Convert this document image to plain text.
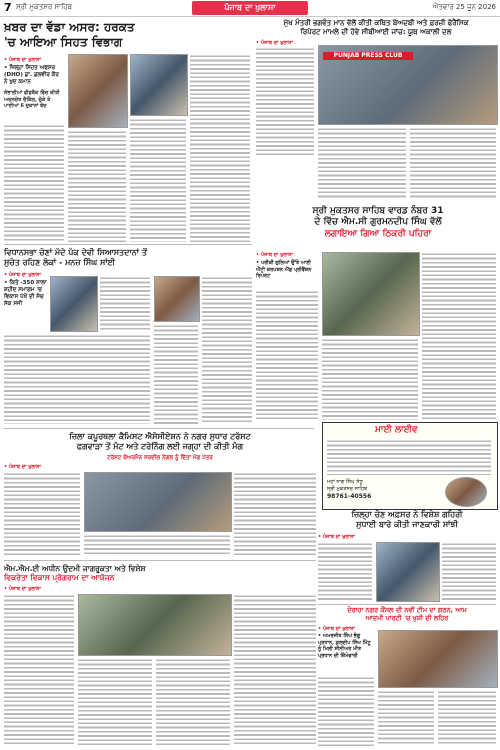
7 ਸ੍ਰੀ ਮੁਕਤਸਰ ਸਾਹਿਬ	ਪੰਜਾਬ ਦਾ ਖੁਲਾਸਾ	ਐਤਵਾਰ 25 ਜੂਨ 2026
ਖ਼ਬਰ ਦਾ ਵੱਡਾ ਅਸਰ: ਹਰਕਤ
'ਚ ਆਇਆ ਸਿਹਤ ਵਿਭਾਗ
• ਪੰਜਾਬ ਦਾ ਖੁਲਾਸਾ
• ਜ਼ਿਲ੍ਹਾ ਸਿਹਤ ਅਫਸਰ (DHO) ਡਾ. ਡਲਵੀਰ ਕੌਰ ਨੇ ਖੁਦ ਕਮਾਨ
ਸੰਭਾਲੀਆਂ ਫੀਡਬੈਕ ਵਿੱਚ ਕੀਤੀ ਅਚਨਚੇਤ ਚੈਕਿੰਗ, ਚੁੱਕੇ ਤੇ ਪਾਈਆਂ 6 ਦੁਕਾਨਾਂ ਬੰਦ
ਮੁੱਖ ਮੰਤਰੀ ਭਗਵੰਤ ਮਾਨ ਵੱਲੋਂ ਕੀਤੀ ਕਥਿਤ ਬੇਅਦਬੀ ਅਤੇ ਫ਼ਰਜ਼ੀ ਫੋਰੈਂਸਿਕ
ਰਿਪੋਰਟ ਮਾਮਲੇ ਦੀ ਹੋਵੇ ਸੀਬੀਆਈ ਜਾਂਚ: ਯੂਥ ਅਕਾਲੀ ਦਲ
• ਪੰਜਾਬ ਦਾ ਖੁਲਾਸਾ
PUNJAB PRESS CLUB
ਸ੍ਰੀ ਮੁਕਤਸਰ ਸਾਹਿਬ ਵਾਰਡ ਨੰਬਰ 31
ਦੇ ਵਿੱਚ ਐਮ.ਸੀ ਗੁਰਮਨਦੀਪ ਸਿੰਘ ਵੱਲੋਂ
ਲਗਾਇਆ ਗਿਆ ਠਿਕਰੀ ਪਹਿਰਾ
• ਪੰਜਾਬ ਦਾ ਖੁਲਾਸਾ
• ਪਰੀਕੀ ਗੁਲਿਆਂ ਉੱਤੇ ਆਈ ਐਂਟੀ ਕਰਪਸ਼ਨ ਐਂਡ ਪ੍ਰੀਵੈਂਸ਼ਨ ਰਿਪੋਰਟ
ਵਿਧਾਨਸਭਾ ਚੋਣਾਂ ਮੱਦੇ ਪੱਕ ਦੇਵੀ ਸਿਆਸਤਦਾਨਾਂ ਤੋਂ
ਸੁਚੇਤ ਰਹਿਣ ਲੋਕਾਂ - ਮਨਜ਼ ਸਿੰਘ ਸਾਂਈ
• ਪੰਜਾਬ ਦਾ ਖੁਲਾਸਾ
• ਕਿਤੇ -350 ਸਾਲਾ ਸ਼ਹੀਦ ਸਮਾਗਮ 'ਚ ਵਿਕਾਸ ਪੱਖੋਂ ਦੀ ਸੋਚ ਸੱਕ ਸਜੀ
ਮਾਈ ਲਾਈਵ
ਮਹਾਂ ਨਾਗ ਸਿੰਘ ਸੰਧੂ
ਸ੍ਰੀ ਮੁਕਤਸਰ ਸਾਹਿਬ
98761-40556
ਜ਼ਿਲਾ ਕਪੂਰਥਲਾ ਕੈਮਿਸਟ ਐਸੋਸੀਏਸ਼ਨ ਨੇ ਨਗਰ ਸੁਧਾਰ ਟਰੱਸਟ
ਫਗਵਾੜਾ ਤੋਂ ਮੰਟ ਅਤੇ ਟਰੇਨਿੰਗ ਲਈ ਜਗ੍ਹਾ ਦੀ ਕੀਤੀ ਮੰਗ
ਟਰੱਸਟ ਚੇਅਰਮੈਨ ਸਰਦੀਲ ਨੇਗਲ ਨੂੰ ਦਿੱਤਾ ਮੰਗ ਪੱਤਰ
• ਪੰਜਾਬ ਦਾ ਖੁਲਾਸਾ
ਜ਼ਿਲ੍ਹਾ ਚੋਣ ਅਫ਼ਸਰ ਨੇ ਵਿਸ਼ੇਸ਼ ਗਹਿਰੀ
ਸੁਧਾਈ ਬਾਰੇ ਕੀਤੀ ਜਾਣਕਾਰੀ ਸਾਂਝੀ
• ਪੰਜਾਬ ਦਾ ਖੁਲਾਸਾ
ਐਮ.ਐਮ.ਈ ਅਧੀਨ ਉਦਮੀ ਜਾਗਰੂਕਤਾ ਅਤੇ ਵਿਸ਼ੇਸ਼
ਵਿਕਰੇਤਾ ਵਿਕਾਸ ਪ੍ਰੋਗਰਾਮ ਦਾ ਆਯੋਜਨ
• ਪੰਜਾਬ ਦਾ ਖੁਲਾਸਾ
ਦੋਰਾਹਾ ਨਗਰ ਕੌਂਸਲ ਦੀ ਨਵੀਂ ਟੀਮ ਦਾ ਗਠਨ, ਆਮ
ਆਦਮੀ ਪਾਰਟੀ 'ਚ ਖੁਸ਼ੀ ਦੀ ਲਹਿਰ
• ਪੰਜਾਬ ਦਾ ਖੁਲਾਸਾ
• ਅਮਰਜੀਤ ਸਿੰਘ ਭੰਗੂ ਪ੍ਰਧਾਨ, ਕੁਲਦੀਪ ਸਿੰਘ ਮਿੰਟੂ ਨੂੰ ਮਿਲੀ ਸੀਨੀਅਰ ਮੀਤ ਪ੍ਰਧਾਨ ਦੀ ਜ਼ਿੰਮੇਵਾਰੀ
